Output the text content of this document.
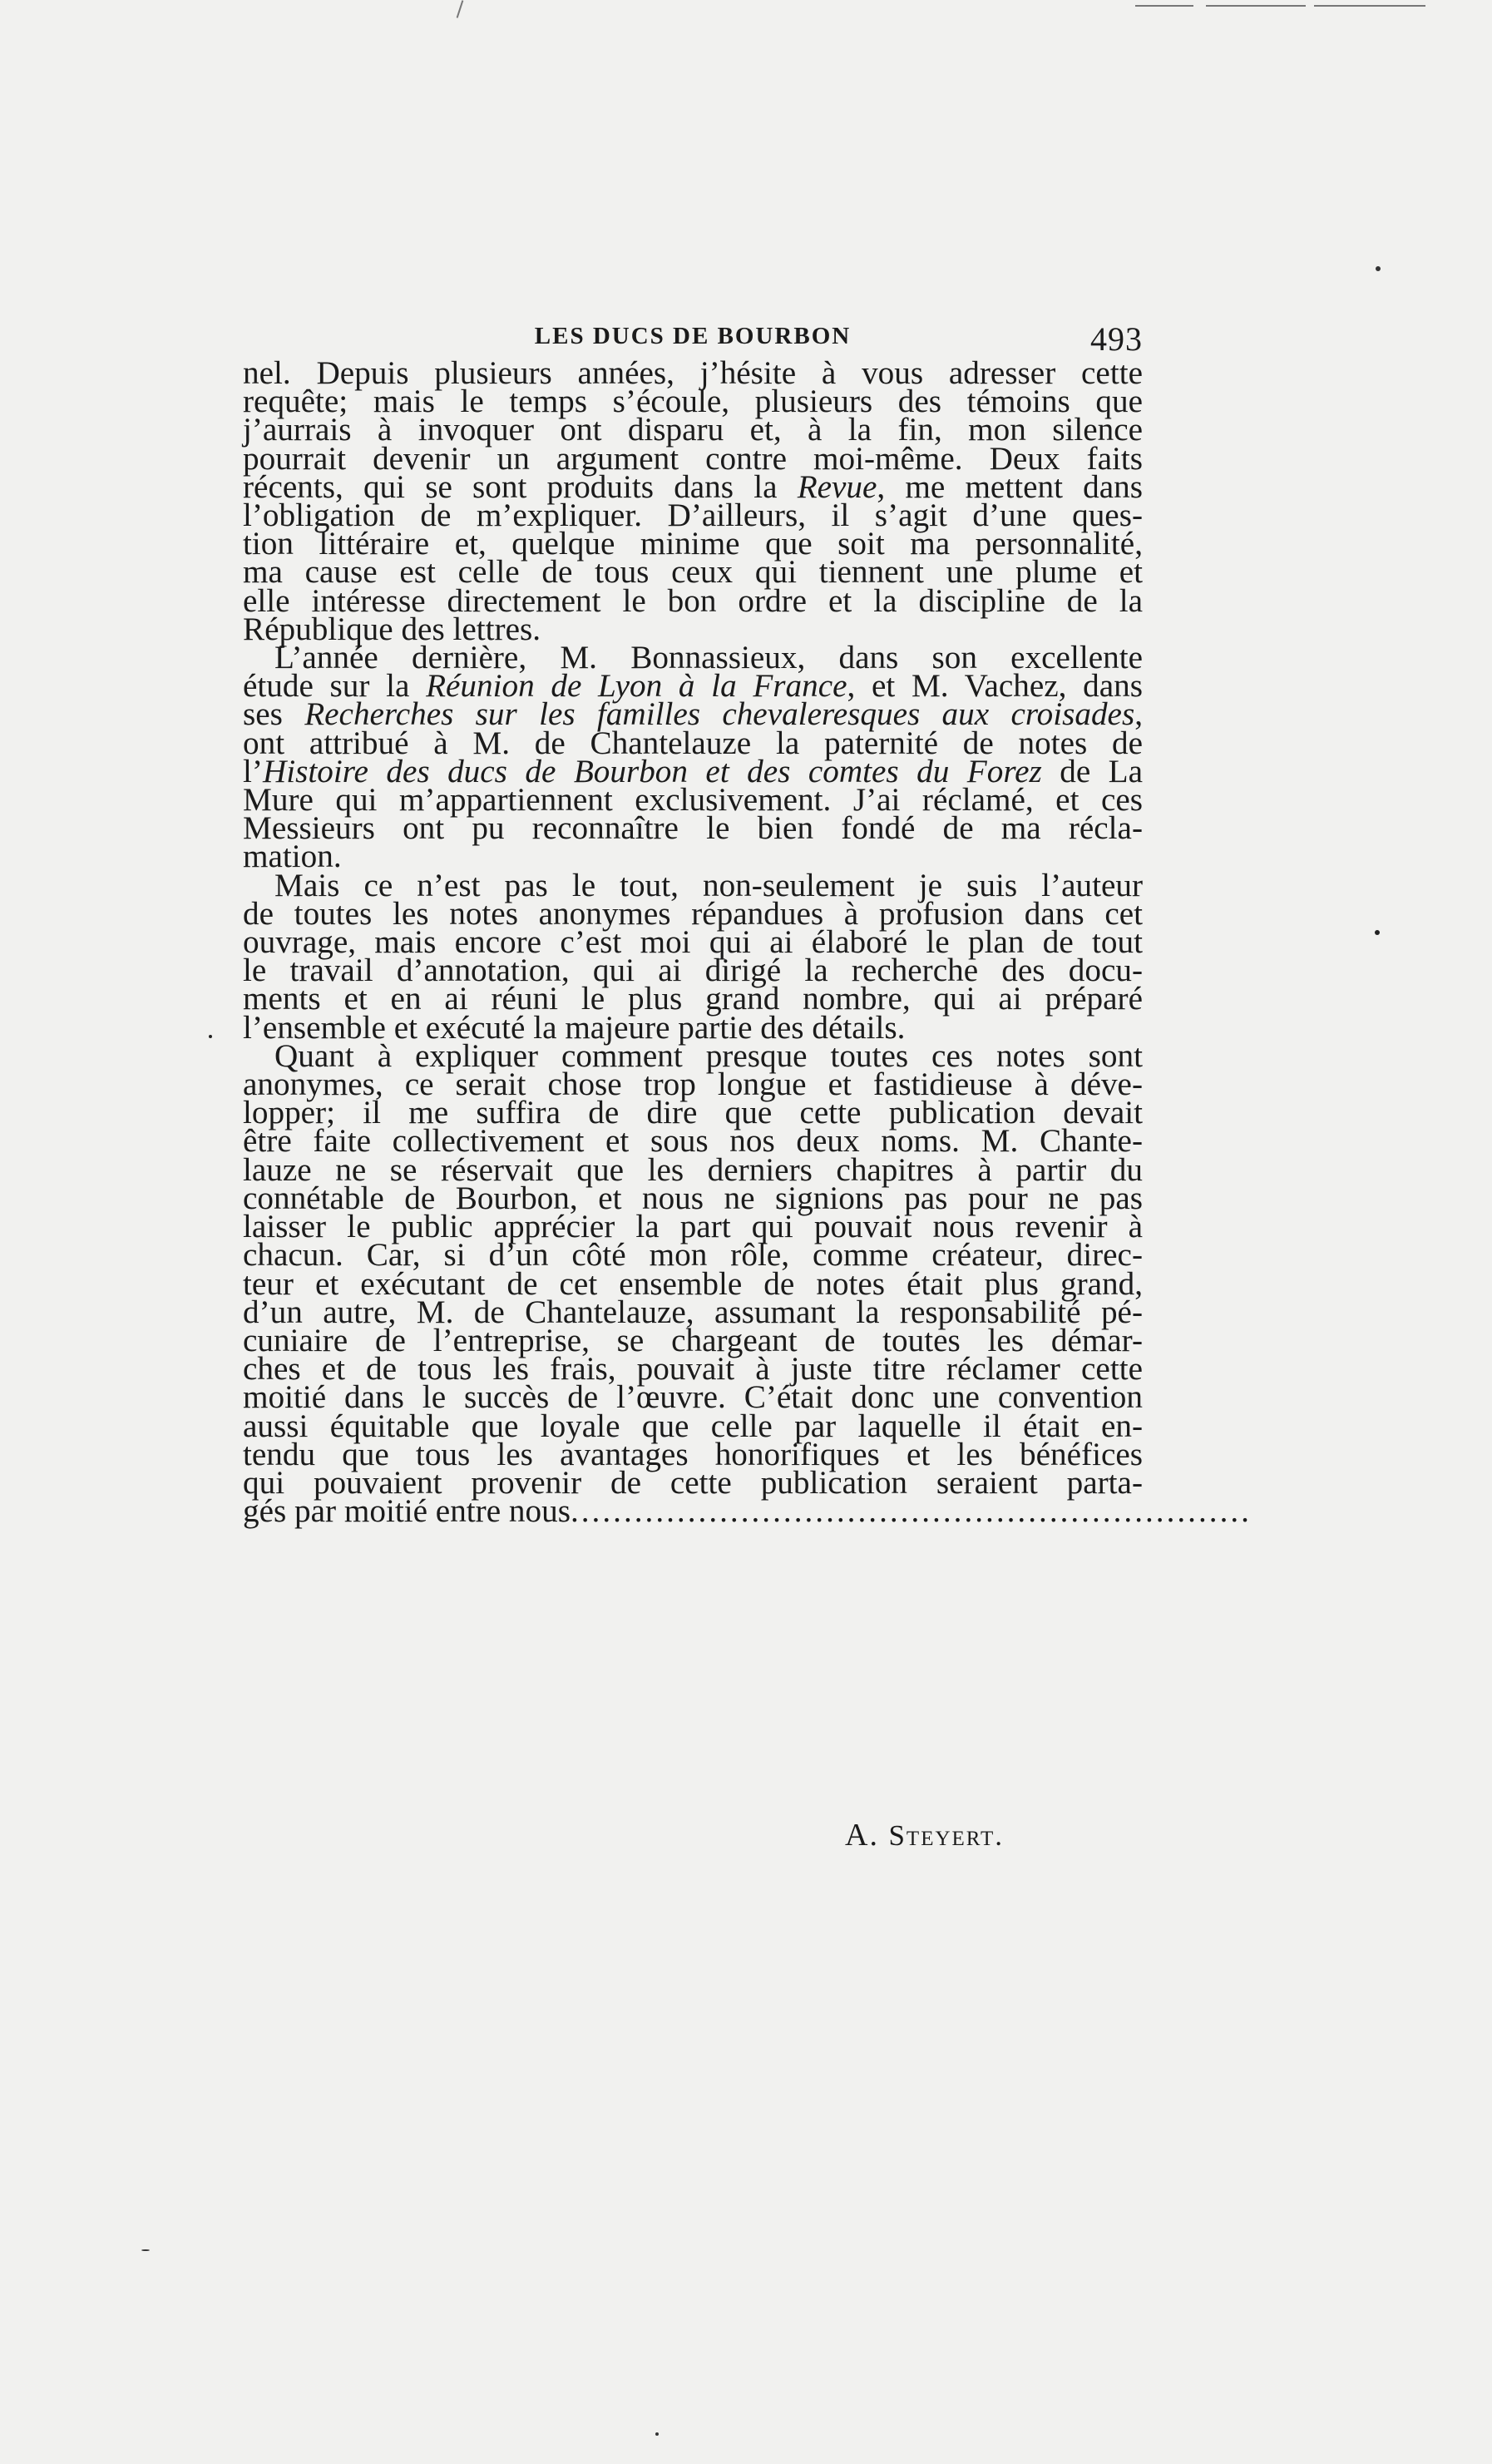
LES DUCS DE BOURBON	493
nel. Depuis plusieurs années, j’hésite à vous adresser cette
requête; mais le temps s’écoule, plusieurs des témoins que
j’aurrais à invoquer ont disparu et, à la fin, mon silence
pourrait devenir un argument contre moi-même. Deux faits
récents, qui se sont produits dans la Revue, me mettent dans
l’obligation de m’expliquer. D’ailleurs, il s’agit d’une ques-
tion littéraire et, quelque minime que soit ma personnalité,
ma cause est celle de tous ceux qui tiennent une plume et
elle intéresse directement le bon ordre et la discipline de la
République des lettres.
L’année dernière, M. Bonnassieux, dans son excellente
étude sur la Réunion de Lyon à la France, et M. Vachez, dans
ses Recherches sur les familles chevaleresques aux croisades,
ont attribué à M. de Chantelauze la paternité de notes de
l’Histoire des ducs de Bourbon et des comtes du Forez de La
Mure qui m’appartiennent exclusivement. J’ai réclamé, et ces
Messieurs ont pu reconnaître le bien fondé de ma récla-
mation.
Mais ce n’est pas le tout, non-seulement je suis l’auteur
de toutes les notes anonymes répandues à profusion dans cet
ouvrage, mais encore c’est moi qui ai élaboré le plan de tout
le travail d’annotation, qui ai dirigé la recherche des docu-
ments et en ai réuni le plus grand nombre, qui ai préparé
l’ensemble et exécuté la majeure partie des détails.
Quant à expliquer comment presque toutes ces notes sont
anonymes, ce serait chose trop longue et fastidieuse à déve-
lopper; il me suffira de dire que cette publication devait
être faite collectivement et sous nos deux noms. M. Chante-
lauze ne se réservait que les derniers chapitres à partir du
connétable de Bourbon, et nous ne signions pas pour ne pas
laisser le public apprécier la part qui pouvait nous revenir à
chacun. Car, si d’un côté mon rôle, comme créateur, direc-
teur et exécutant de cet ensemble de notes était plus grand,
d’un autre, M. de Chantelauze, assumant la responsabilité pé-
cuniaire de l’entreprise, se chargeant de toutes les démar-
ches et de tous les frais, pouvait à juste titre réclamer cette
moitié dans le succès de l’œuvre. C’était donc une convention
aussi équitable que loyale que celle par laquelle il était en-
tendu que tous les avantages honorifiques et les bénéfices
qui pouvaient provenir de cette publication seraient parta-
gés par moitié entre nous................................................................
A. Steyert.
